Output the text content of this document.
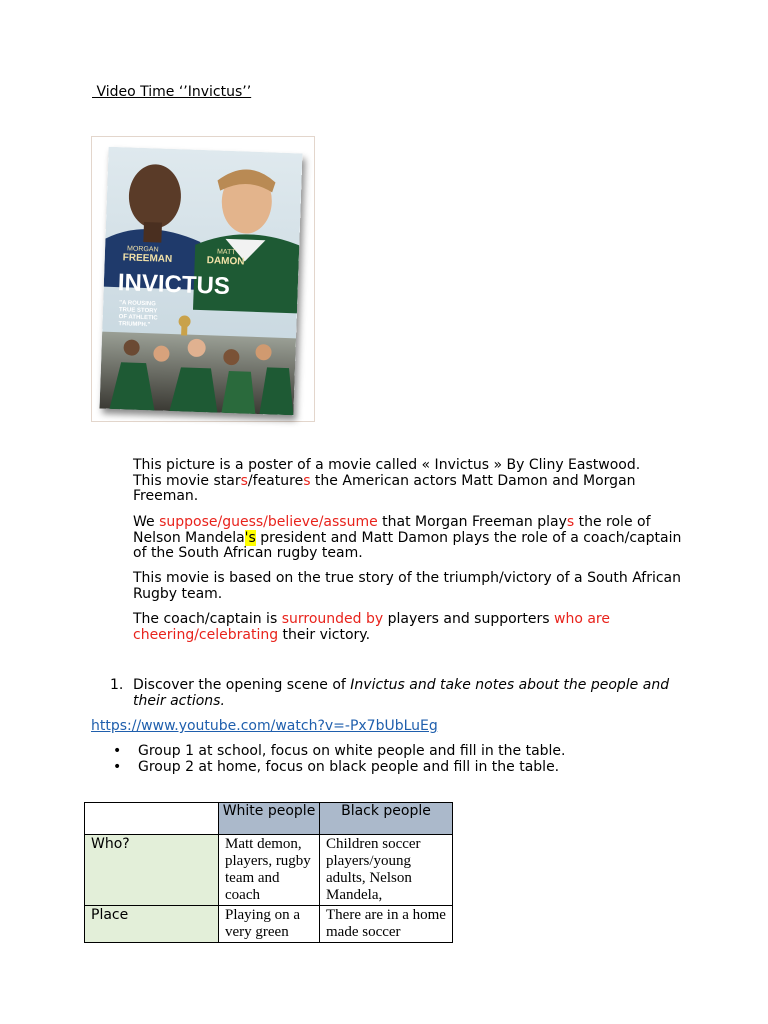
Video Time ‘’Invictus’’
MORGAN
FREEMAN	MATT
DAMON
INVICTUS
"A ROUSING
TRUE STORY
OF ATHLETIC
TRIUMPH."
This picture is a poster of a movie called « Invictus » By Cliny Eastwood.
This movie stars/features the American actors Matt Damon and Morgan Freeman.
We suppose/guess/believe/assume that Morgan Freeman plays the role of Nelson Mandela's president and Matt Damon plays the role of a coach/captain of the South African rugby team.
This movie is based on the true story of the triumph/victory of a South African Rugby team.
The coach/captain is surrounded by players and supporters who are cheering/celebrating their victory.
1. Discover the opening scene of Invictus and take notes about the people and their actions.
https://www.youtube.com/watch?v=-Px7bUbLuEg
• Group 1 at school, focus on white people and fill in the table.
• Group 2 at home, focus on black people and fill in the table.
	White people	Black people
Who?	Matt demon, players, rugby team and coach	Children soccer players/young adults, Nelson Mandela,
Place	Playing on a very green	There are in a home made soccer
